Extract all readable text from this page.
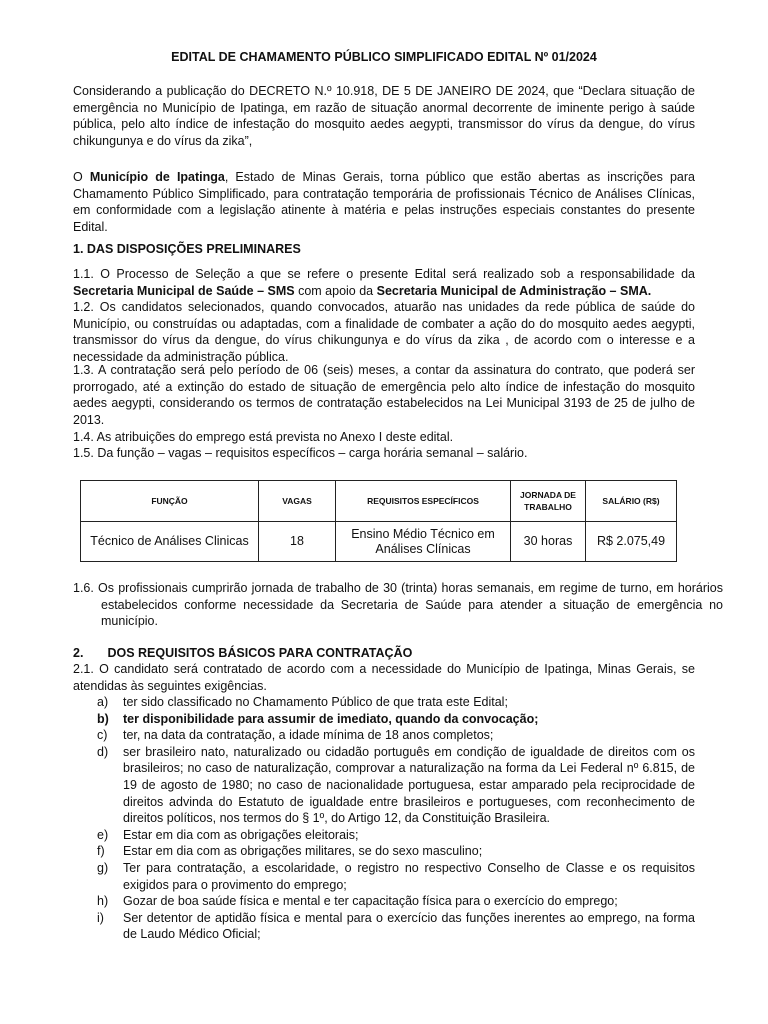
EDITAL DE CHAMAMENTO PÚBLICO SIMPLIFICADO EDITAL Nº 01/2024

Considerando a publicação do DECRETO N.º 10.918, DE 5 DE JANEIRO DE 2024, que “Declara situação de emergência no Município de Ipatinga, em razão de situação anormal decorrente de iminente perigo à saúde pública, pelo alto índice de infestação do mosquito aedes aegypti, transmissor do vírus da dengue, do vírus chikungunya e do vírus da zika”,

O Município de Ipatinga, Estado de Minas Gerais, torna público que estão abertas as inscrições para Chamamento Público Simplificado, para contratação temporária de profissionais Técnico de Análises Clínicas, em conformidade com a legislação atinente à matéria e pelas instruções especiais constantes do presente Edital.

1. DAS DISPOSIÇÕES PRELIMINARES

1.1. O Processo de Seleção a que se refere o presente Edital será realizado sob a responsabilidade da Secretaria Municipal de Saúde – SMS com apoio da Secretaria Municipal de Administração – SMA.

1.2. Os candidatos selecionados, quando convocados, atuarão nas unidades da rede pública de saúde do Município, ou construídas ou adaptadas, com a finalidade de combater a ação do do mosquito aedes aegypti, transmissor do vírus da dengue, do vírus chikungunya e do vírus da zika , de acordo com o interesse e a necessidade da administração pública.

1.3. A contratação será pelo período de 06 (seis) meses, a contar da assinatura do contrato, que poderá ser prorrogado, até a extinção do estado de situação de emergência pelo alto índice de infestação do mosquito aedes aegypti, considerando os termos de contratação estabelecidos na Lei Municipal 3193 de 25 de julho de 2013.

1.4. As atribuições do emprego está prevista no Anexo I deste edital.

1.5. Da função – vagas – requisitos específicos – carga horária semanal – salário.

FUNÇÃO	VAGAS	REQUISITOS ESPECÍFICOS	JORNADA DE TRABALHO	SALÁRIO (R$)
Técnico de Análises Clinicas	18	Ensino Médio Técnico em Análises Clínicas	30 horas	R$ 2.075,49

1.6. Os profissionais cumprirão jornada de trabalho de 30 (trinta) horas semanais, em regime de turno, em horários estabelecidos conforme necessidade da Secretaria de Saúde para atender a situação de emergência no município.

2. DOS REQUISITOS BÁSICOS PARA CONTRATAÇÃO

2.1. O candidato será contratado de acordo com a necessidade do Município de Ipatinga, Minas Gerais, se atendidas às seguintes exigências.

a) ter sido classificado no Chamamento Público de que trata este Edital;
b) ter disponibilidade para assumir de imediato, quando da convocação;
c) ter, na data da contratação, a idade mínima de 18 anos completos;
d) ser brasileiro nato, naturalizado ou cidadão português em condição de igualdade de direitos com os brasileiros; no caso de naturalização, comprovar a naturalização na forma da Lei Federal nº 6.815, de 19 de agosto de 1980; no caso de nacionalidade portuguesa, estar amparado pela reciprocidade de direitos advinda do Estatuto de igualdade entre brasileiros e portugueses, com reconhecimento de direitos políticos, nos termos do § 1º, do Artigo 12, da Constituição Brasileira.
e) Estar em dia com as obrigações eleitorais;
f) Estar em dia com as obrigações militares, se do sexo masculino;
g) Ter para contratação, a escolaridade, o registro no respectivo Conselho de Classe e os requisitos exigidos para o provimento do emprego;
h) Gozar de boa saúde física e mental e ter capacitação física para o exercício do emprego;
i) Ser detentor de aptidão física e mental para o exercício das funções inerentes ao emprego, na forma de Laudo Médico Oficial;
